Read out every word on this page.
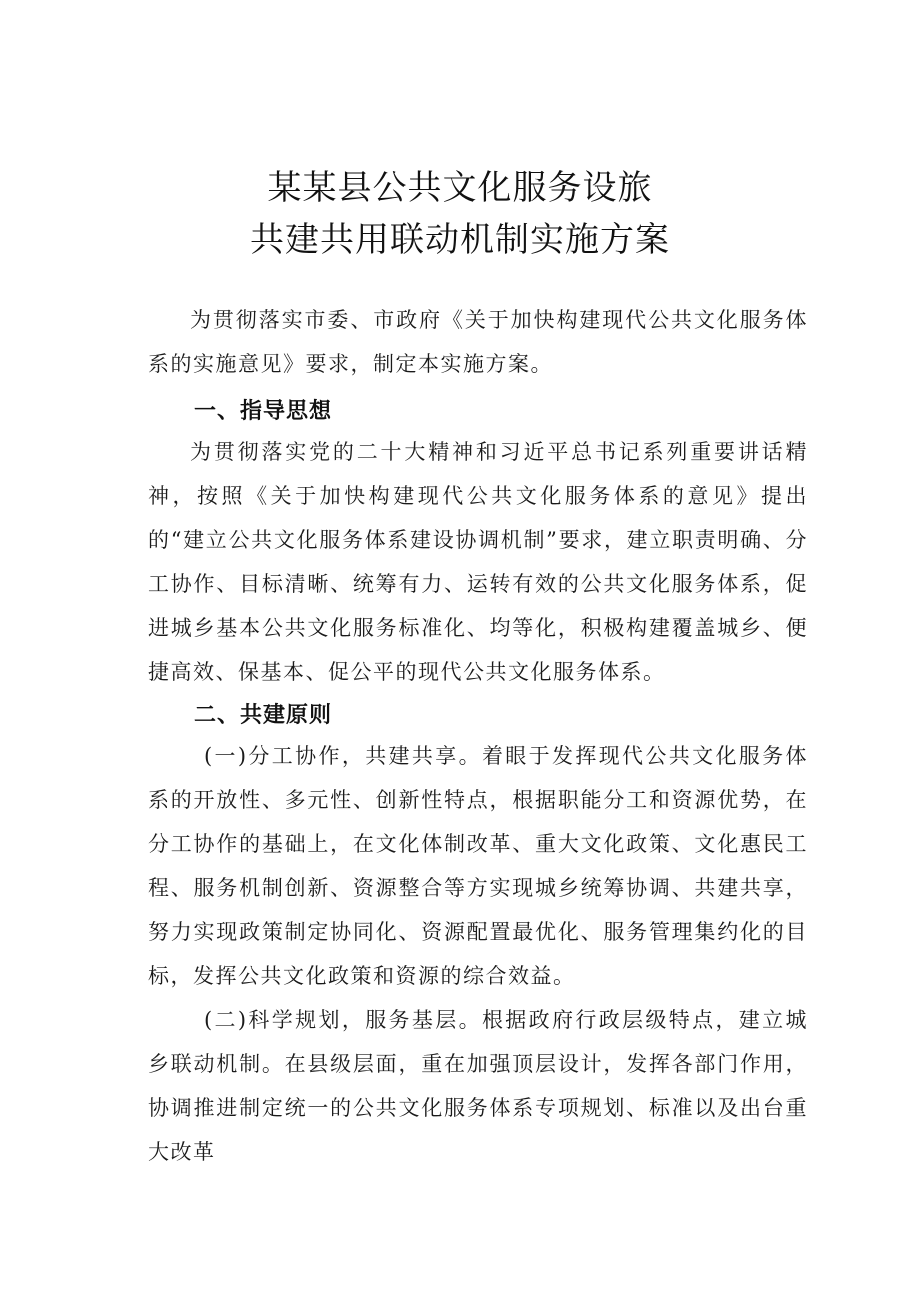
某某县公共文化服务设旅
共建共用联动机制实施方案

为贯彻落实市委、市政府《关于加快构建现代公共文化服务体系的实施意见》要求，制定本实施方案。

一、指导思想

为贯彻落实党的二十大精神和习近平总书记系列重要讲话精神，按照《关于加快构建现代公共文化服务体系的意见》提出的“建立公共文化服务体系建设协调机制”要求，建立职责明确、分工协作、目标清晰、统筹有力、运转有效的公共文化服务体系，促进城乡基本公共文化服务标准化、均等化，积极构建覆盖城乡、便捷高效、保基本、促公平的现代公共文化服务体系。

二、共建原则

(一)分工协作，共建共享。着眼于发挥现代公共文化服务体系的开放性、多元性、创新性特点，根据职能分工和资源优势，在分工协作的基础上，在文化体制改革、重大文化政策、文化惠民工程、服务机制创新、资源整合等方实现城乡统筹协调、共建共享，努力实现政策制定协同化、资源配置最优化、服务管理集约化的目标，发挥公共文化政策和资源的综合效益。

(二)科学规划，服务基层。根据政府行政层级特点，建立城乡联动机制。在县级层面，重在加强顶层设计，发挥各部门作用，协调推进制定统一的公共文化服务体系专项规划、标准以及出台重大改革
